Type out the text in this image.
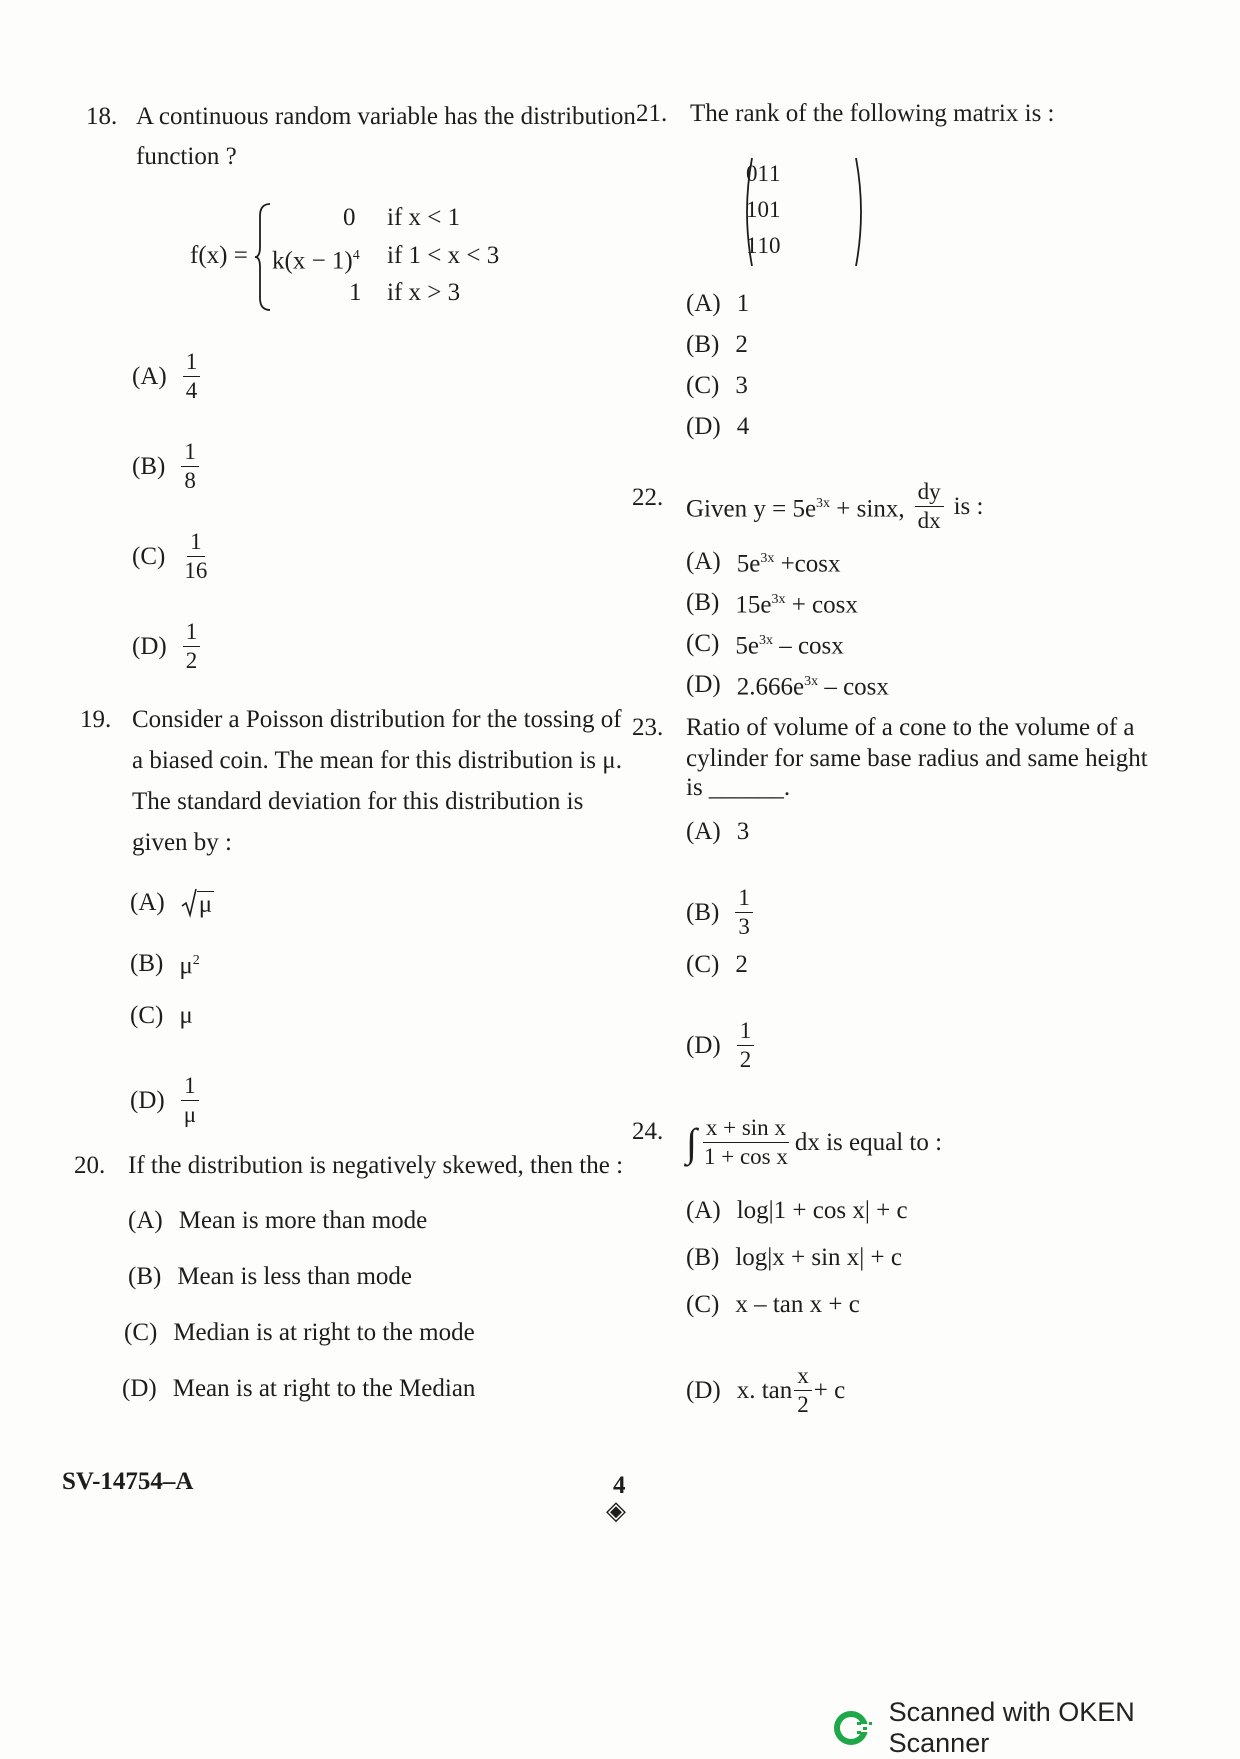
18. A continuous random variable has the distribution
function ?
f(x) =
0 if x < 1
$k(x - 1)^4$ if 1 < x < 3
1 if x > 3
$(A) \frac{1}{4}$
$(B) \frac{1}{8}$
$(C) \frac{1}{16}$
$(D) \frac{1}{2}$
19. Consider a Poisson distribution for the tossing of
a biased coin. The mean for this distribution is μ.
The standard deviation for this distribution is
given by :
(A) μ
(B) $\mu^2$
(C) μ
$(D) \frac{1}{\mu}$
20. If the distribution is negatively skewed, then the :
(A) Mean is more than mode
(B) Mean is less than mode
(C) Median is at right to the mode
(D) Mean is at right to the Median
21. The rank of the following matrix is :
0	1	1
1	0	1
1	1	0
(A) 1
(B) 2
(C) 3
(D) 4
22. Given $y = 5e^{3x} + \sin x$, $\frac{dy}{dx}$ is :
(A) $5e^{3x} +\cos x$
(B) $15e^{3x} + \cos x$
(C) $5e^{3x}$ – cosx
(D) $2.666e^{3x}$ – cosx
23. Ratio of volume of a cone to the volume of a
cylinder for same base radius and same height
is ______.
(A) 3
$(B) \frac{1}{3}$
(C) 2
$(D) \frac{1}{2}$
24. ∫ $\frac{\text{x + sin x}}{\text{1 + cos x}}$ dx is equal to :
(A) log|1 + cos x| + c
(B) log|x + sin x| + c
(C) x – tan x + c
(D) x. $\tan \frac{x}{2} + c$
SV-14754–A	4
◈
Scanned with OKEN Scanner
